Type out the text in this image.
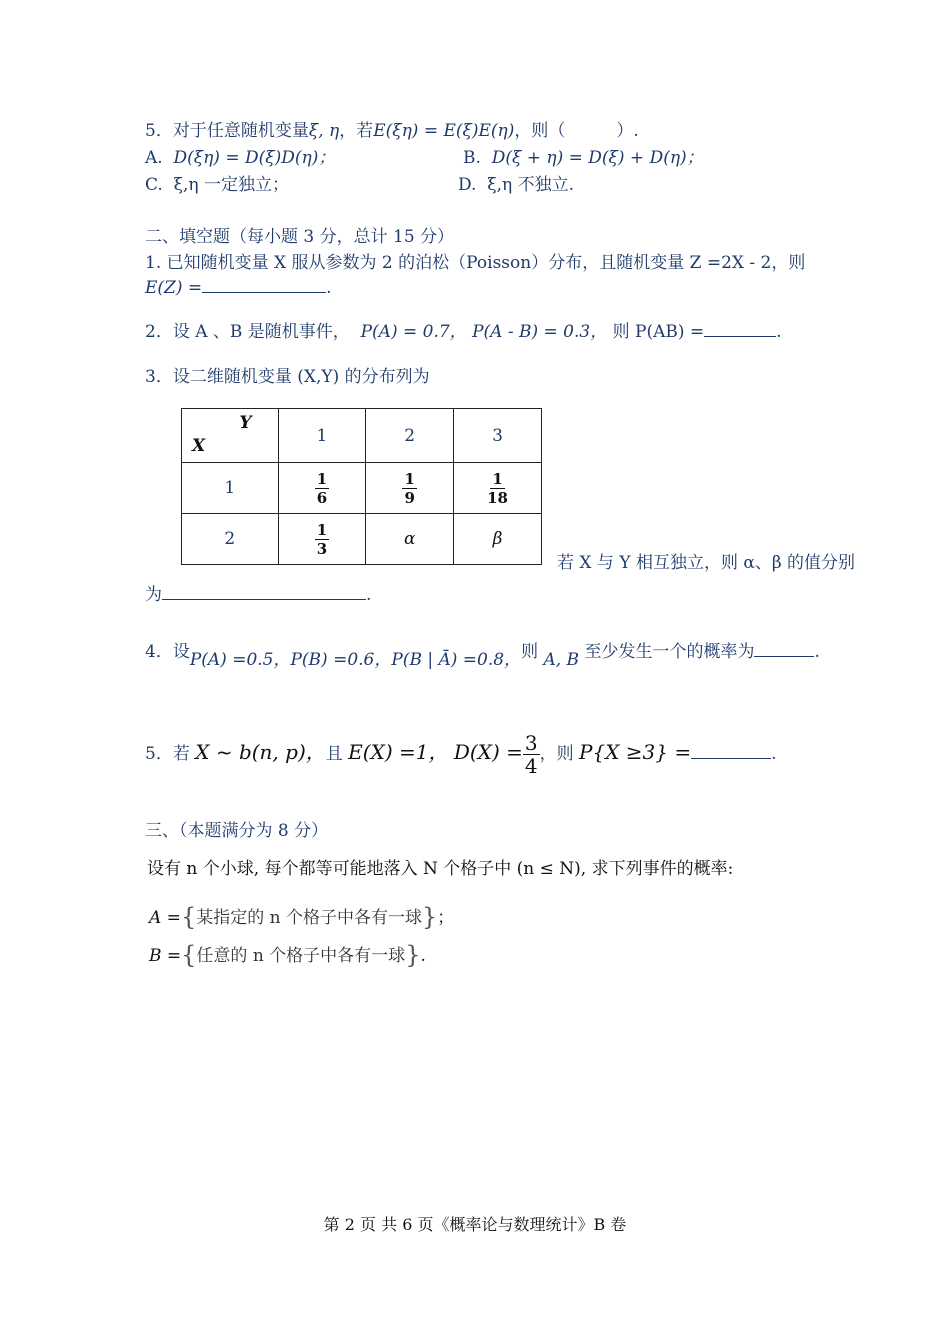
5．对于任意随机变量ξ, η，若E(ξη) = E(ξ)E(η)，则（　　　）.
A. D(ξη) = D(ξ)D(η)；	B. D(ξ + η) = D(ξ) + D(η)；
C. ξ,η 一定独立；	D. ξ,η 不独立.
二、填空题（每小题 3 分，总计 15 分）
1. 已知随机变量 X 服从参数为 2 的泊松（Poisson）分布，且随机变量 Z =2X - 2，则
E(Z) =	.
2．设 A 、B 是随机事件， P(A) = 0.7， P(A - B) = 0.3， 则 P(AB) =	.
3．设二维随机变量 (X,Y) 的分布列为
Y
X	1	2	3
1	$\frac{1}{6}$	$\frac{1}{9}$	$\frac{1}{18}$

2	$\frac{1}{3}$	α	β
若 X 与 Y 相互独立，则 α、β 的值分别
为	.
4．设P(A) =0.5，P(B) =0.6，P(B | Ā) =0.8，则 A, B 至少发生一个的概率为	.
5．若 X ~ b(n, p)，且 E(X) =1， $D(X) = \frac{3}{4}$ ，则 P{X ≥3} =	.
三、（本题满分为 8 分）
设有 n 个小球, 每个都等可能地落入 N 个格子中 (n ≤ N), 求下列事件的概率:
A ={某指定的 n 个格子中各有一球}；
B ={任意的 n 个格子中各有一球}.
第 2 页 共 6 页《概率论与数理统计》B 卷
